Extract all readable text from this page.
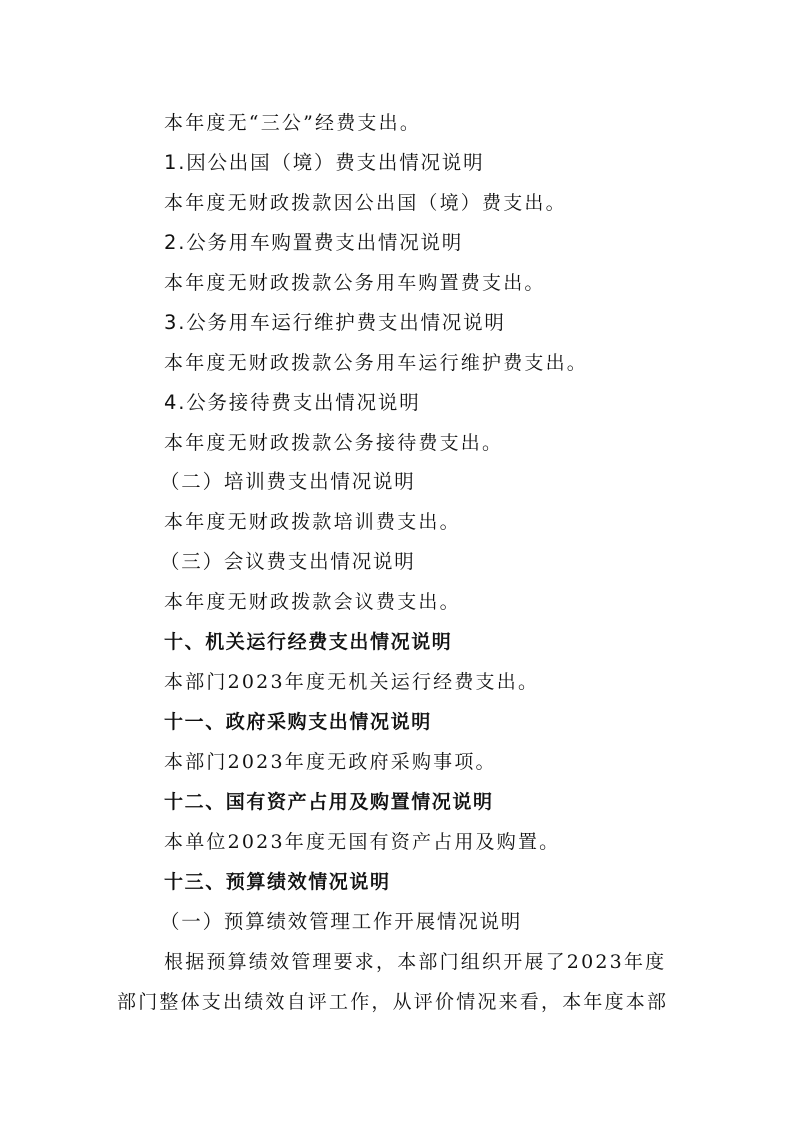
本年度无“三公”经费支出。
1.因公出国（境）费支出情况说明
本年度无财政拨款因公出国（境）费支出。
2.公务用车购置费支出情况说明
本年度无财政拨款公务用车购置费支出。
3.公务用车运行维护费支出情况说明
本年度无财政拨款公务用车运行维护费支出。
4.公务接待费支出情况说明
本年度无财政拨款公务接待费支出。
（二）培训费支出情况说明
本年度无财政拨款培训费支出。
（三）会议费支出情况说明
本年度无财政拨款会议费支出。
十、机关运行经费支出情况说明
本部门2023年度无机关运行经费支出。
十一、政府采购支出情况说明
本部门2023年度无政府采购事项。
十二、国有资产占用及购置情况说明
本单位2023年度无国有资产占用及购置。
十三、预算绩效情况说明
（一）预算绩效管理工作开展情况说明
根据预算绩效管理要求，本部门组织开展了2023年度
部门整体支出绩效自评工作，从评价情况来看，本年度本部
